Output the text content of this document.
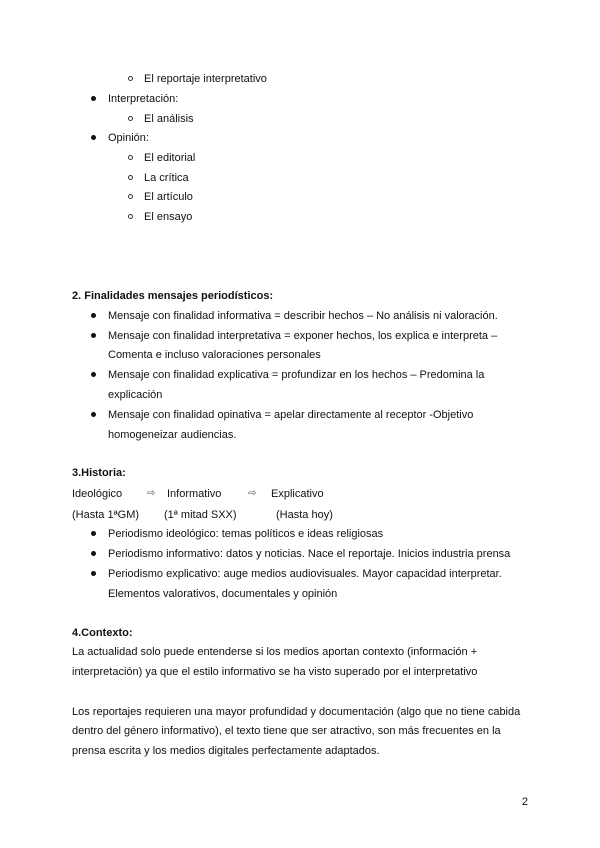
El reportaje interpretativo
Interpretación:
El análisis
Opinión:
El editorial
La crítica
El artículo
El ensayo
2. Finalidades mensajes periodísticos:
Mensaje con finalidad informativa = describir hechos – No análisis ni valoración.
Mensaje con finalidad interpretativa = exponer hechos, los explica e interpreta –
Comenta e incluso valoraciones personales
Mensaje con finalidad explicativa = profundizar en los hechos – Predomina la
explicación
Mensaje con finalidad opinativa = apelar directamente al receptor -Objetivo
homogeneizar audiencias.
3.Historia:
Ideológico ⇨ Informativo	⇨ Explicativo
(Hasta 1ªGM) (1ª mitad SXX)	(Hasta hoy)
Periodismo ideológico: temas políticos e ideas religiosas
Periodismo informativo: datos y noticias. Nace el reportaje. Inicios industria prensa
Periodismo explicativo: auge medios audiovisuales. Mayor capacidad interpretar.
Elementos valorativos, documentales y opinión
4.Contexto:
La actualidad solo puede entenderse si los medios aportan contexto (información +
interpretación) ya que el estilo informativo se ha visto superado por el interpretativo
Los reportajes requieren una mayor profundidad y documentación (algo que no tiene cabida
dentro del género informativo), el texto tiene que ser atractivo, son más frecuentes en la
prensa escrita y los medios digitales perfectamente adaptados.
2
